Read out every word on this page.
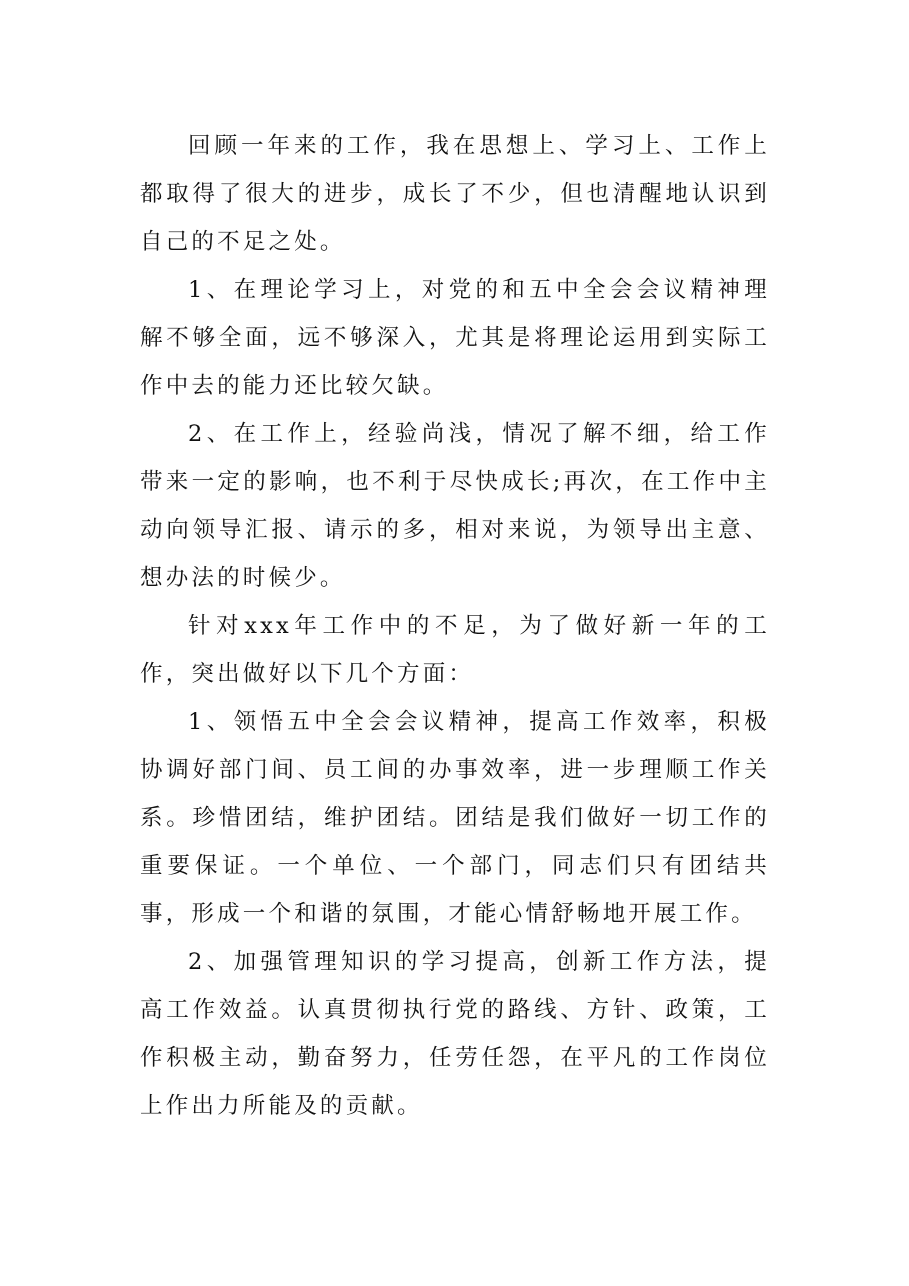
回顾一年来的工作，我在思想上、学习上、工作上都取得了很大的进步，成长了不少，但也清醒地认识到自己的不足之处。

1、在理论学习上，对党的和五中全会会议精神理解不够全面，远不够深入，尤其是将理论运用到实际工作中去的能力还比较欠缺。

2、在工作上，经验尚浅，情况了解不细，给工作带来一定的影响，也不利于尽快成长;再次，在工作中主动向领导汇报、请示的多，相对来说，为领导出主意、想办法的时候少。

针对xxx年工作中的不足，为了做好新一年的工作，突出做好以下几个方面：

1、领悟五中全会会议精神，提高工作效率，积极协调好部门间、员工间的办事效率，进一步理顺工作关系。珍惜团结，维护团结。团结是我们做好一切工作的重要保证。一个单位、一个部门，同志们只有团结共事，形成一个和谐的氛围，才能心情舒畅地开展工作。

2、加强管理知识的学习提高，创新工作方法，提高工作效益。认真贯彻执行党的路线、方针、政策，工作积极主动，勤奋努力，任劳任怨，在平凡的工作岗位上作出力所能及的贡献。
